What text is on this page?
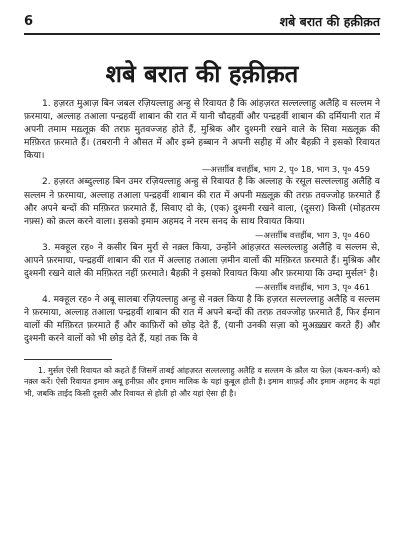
6	शबे बरात की हक़ीक़त
शबे बरात की हक़ीक़त

1. हज़रत मुआज़ बिन जबल रज़ियल्लाहु अन्हु से रिवायत है कि आंहज़रत सल्लल्लाहु अलैहि व सल्लम ने फ़रमाया, अल्लाह तआला पन्द्रहवीं शाबान की रात में यानी चौदहवीं और पन्द्रहवीं शाबान की दर्मियानी रात में अपनी तमाम मख़्लूक़ की तरफ़ मुतवज्जह होते हैं, मुश्रिक और दुश्मनी रखने वाले के सिवा मख़्लूक़ की मग़्फ़िरत फ़रमाते हैं। (तबरानी ने औसत में और इब्ने हब्बान ने अपनी सहीह में और बैहक़ी ने इसको रिवायत किया।

—अत्तर्ग़ीब वत्तर्हीब, भाग 2, पृ० 18, भाग 3, पृ० 459

2. हज़रत अब्दुल्लाह बिन उमर रज़ियल्लाहु अन्हु से रिवायत है कि अल्लाह के रसूल सल्लल्लाहु अलैहि व सल्लम ने फ़रमाया, अल्लाह तआला पन्द्रहवीं शाबान की रात में अपनी मख़्लूक़ की तरफ़ तवज्जोह फ़रमाते हैं और अपने बन्दों की मग़्फ़िरत फ़रमाते हैं, सिवाए दो के, (एक) दुश्मनी रखने वाला, (दूसरा) किसी (मोहतरम नफ़्स) को क़त्ल करने वाला। इसको इमाम अहमद ने नरम सनद के साथ रिवायत किया।

—अत्तर्ग़ीब वत्तर्हीब, भाग 3, पृ० 460

3. मक्हूल रह० ने कसीर बिन मुर्रा से नक़्ल किया, उन्होंने आंहज़रत सल्लल्लाहु अलैहि व सल्लम से, आपने फ़रमाया, पन्द्रहवीं शाबान की रात में अल्लाह तआला ज़मीन वालों की मग़्फ़िरत फ़रमाते हैं। मुश्रिक और दुश्मनी रखने वाले की मग़्फ़िरत नहीं फ़रमाते। बैहक़ी ने इसको रिवायत किया और फ़रमाया कि उम्दा मुर्सल¹ है।

—अत्तर्ग़ीब वत्तर्हीब, भाग 3, पृ० 461

4. मक्हूल रह० ने अबू सालबा रज़ियल्लाहु अन्हु से नक़्ल किया है कि हज़रत सल्लल्लाहु अलैहि व सल्लम ने फ़रमाया, अल्लाह तआला पन्द्रहवीं शाबान की रात में अपने बन्दों की तरफ़ तवज्जोह फ़रमाते हैं, फिर ईमान वालों की मग़्फ़िरत फ़रमाते हैं और काफ़िरों को छोड़ देते हैं, (यानी उनकी सज़ा को मुअख़्ख़र करते हैं) और दुश्मनी करने वालों को भी छोड़ देते हैं, यहां तक कि वे

1. मुर्सल ऐसी रिवायत को कहते हैं जिसमें ताबई आंहज़रत सल्लल्लाहु अलैहि व सल्लम के क़ौल या फ़ेल (कथन-कर्म) को नक़्ल करें। ऐसी रिवायत इमाम अबू हनीफ़ा और इमाम मालिक के यहां क़ुबूल होती है। इमाम शाफ़ई और इमाम अहमद के यहां भी, जबकि ताईद किसी दूसरी और रिवायत से होती हो और यहां ऐसा ही है।
